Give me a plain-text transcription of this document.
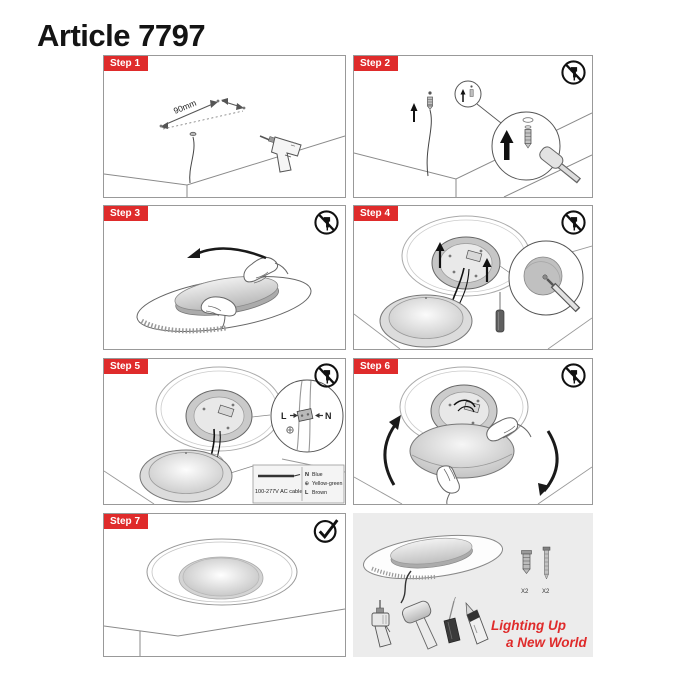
Article 7797
Step 1
90mm
Step 2
Step 3	Step 4
Step 5
L	N
100-277V AC cable
N Blue
⊕ Yellow-green
L Brown
Step 6
Step 7
X2 X2
Lighting Up
a New World
